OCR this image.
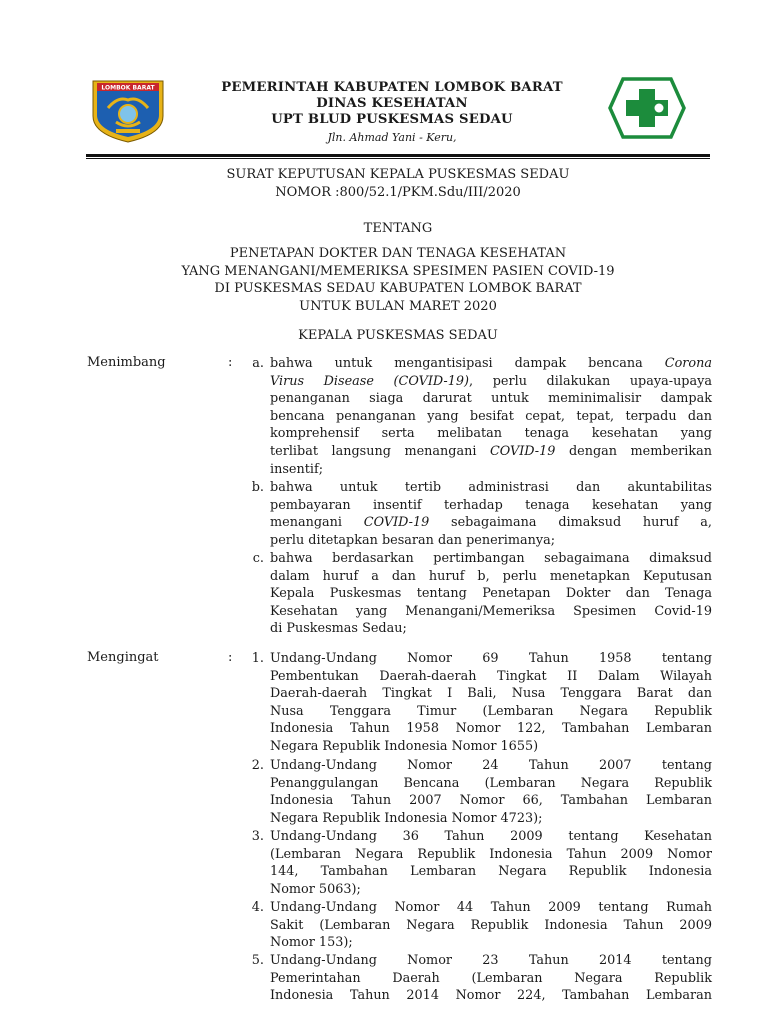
LOMBOK BARAT	PEMERINTAH KABUPATEN LOMBOK BARAT
DINAS KESEHATAN
UPT BLUD PUSKESMAS SEDAU
Jln. Ahmad Yani - Keru,
SURAT KEPUTUSAN KEPALA PUSKESMAS SEDAU
NOMOR :800/52.1/PKM.Sdu/III/2020
TENTANG
PENETAPAN DOKTER DAN TENAGA KESEHATAN
YANG MENANGANI/MEMERIKSA SPESIMEN PASIEN COVID-19
DI PUSKESMAS SEDAU KABUPATEN LOMBOK BARAT
UNTUK BULAN MARET 2020
KEPALA PUSKESMAS SEDAU
Menimbang	:	a. bahwa untuk mengantisipasi dampak bencana Corona
Virus Disease (COVID-19), perlu dilakukan upaya-upaya
penanganan siaga darurat untuk meminimalisir dampak
bencana penanganan yang besifat cepat, tepat, terpadu dan
komprehensif serta melibatan tenaga kesehatan yang
terlibat langsung menangani COVID-19 dengan memberikan
insentif;
b. bahwa untuk tertib administrasi dan akuntabilitas
pembayaran insentif terhadap tenaga kesehatan yang
menangani COVID-19 sebagaimana dimaksud huruf a,
perlu ditetapkan besaran dan penerimanya;
c. bahwa berdasarkan pertimbangan sebagaimana dimaksud
dalam huruf a dan huruf b, perlu menetapkan Keputusan
Kepala Puskesmas tentang Penetapan Dokter dan Tenaga
Kesehatan yang Menangani/Memeriksa Spesimen Covid-19
di Puskesmas Sedau;
Mengingat	:	1. Undang-Undang Nomor 69 Tahun 1958 tentang
Pembentukan Daerah-daerah Tingkat II Dalam Wilayah
Daerah-daerah Tingkat I Bali, Nusa Tenggara Barat dan
Nusa Tenggara Timur (Lembaran Negara Republik
Indonesia Tahun 1958 Nomor 122, Tambahan Lembaran
Negara Republik Indonesia Nomor 1655)
2. Undang-Undang Nomor 24 Tahun 2007 tentang
Penanggulangan Bencana (Lembaran Negara Republik
Indonesia Tahun 2007 Nomor 66, Tambahan Lembaran
Negara Republik Indonesia Nomor 4723);
3. Undang-Undang 36 Tahun 2009 tentang Kesehatan
(Lembaran Negara Republik Indonesia Tahun 2009 Nomor
144, Tambahan Lembaran Negara Republik Indonesia
Nomor 5063);
4. Undang-Undang Nomor 44 Tahun 2009 tentang Rumah
Sakit (Lembaran Negara Republik Indonesia Tahun 2009
Nomor 153);
5. Undang-Undang Nomor 23 Tahun 2014 tentang
Pemerintahan Daerah (Lembaran Negara Republik
Indonesia Tahun 2014 Nomor 224, Tambahan Lembaran
